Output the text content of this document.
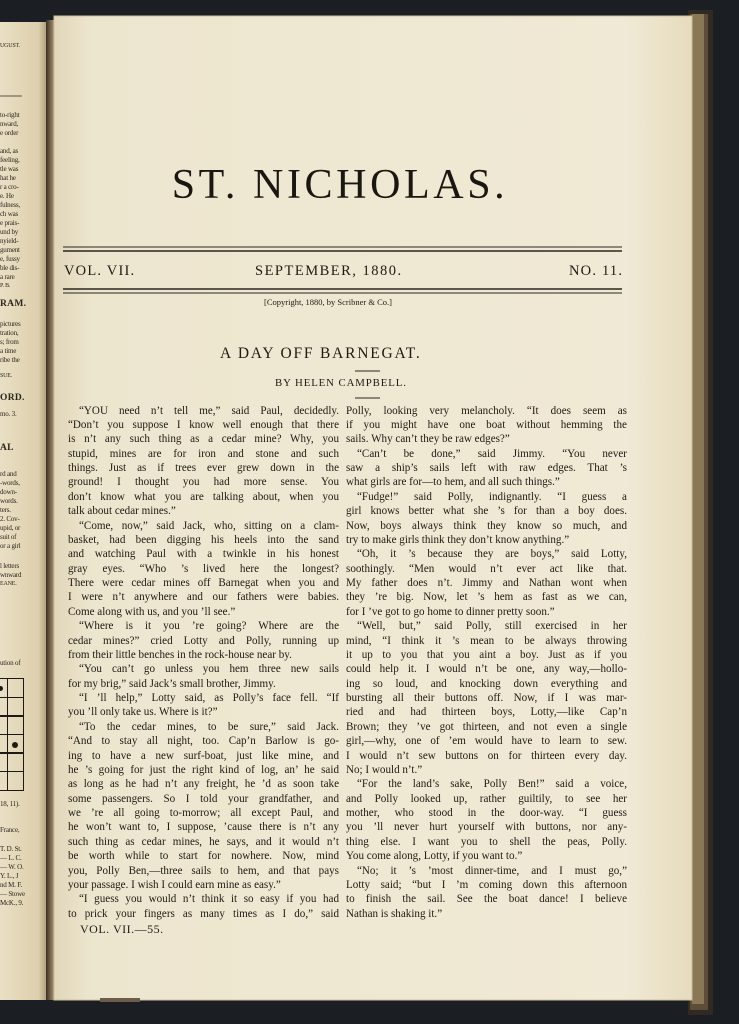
UGUST.
to-right
nward,
e order
and, as
feeling,
tle was
hat he
r a cro-
e. He
fulness,
ch was
e prais-
und by
nyield-
gument
e, fussy
ble dis-
a rare
P. B.
RAM.
pictures
tration,
s; from
a time
ribe the
SUE.
ORD.
mo. 3.
AL
rd and
-words,
down-
words.
ters.
2. Cov-
upid, or
suit of
or a girl
l letters
wnward
EANE.
ution of
18, 11).
France,
T. D. St.
— L. C.
— W. O.
Y. L., J
nd M. F.
— Stowe
McK., 9.
ST. NICHOLAS.
VOL. VII.	SEPTEMBER, 1880.	NO. 11.
[Copyright, 1880, by Scribner & Co.]
A DAY OFF BARNEGAT.
BY HELEN CAMPBELL.
“YOU need n’t tell me,” said Paul, decidedly.
“Don’t you suppose I know well enough that there
is n’t any such thing as a cedar mine? Why, you
stupid, mines are for iron and stone and such
things. Just as if trees ever grew down in the
ground! I thought you had more sense. You
don’t know what you are talking about, when you
talk about cedar mines.”
“Come, now,” said Jack, who, sitting on a clam-
basket, had been digging his heels into the sand
and watching Paul with a twinkle in his honest
gray eyes. “Who ’s lived here the longest?
There were cedar mines off Barnegat when you and
I were n’t anywhere and our fathers were babies.
Come along with us, and you ’ll see.”
“Where is it you ’re going? Where are the
cedar mines?” cried Lotty and Polly, running up
from their little benches in the rock-house near by.
“You can’t go unless you hem three new sails
for my brig,” said Jack’s small brother, Jimmy.
“I ’ll help,” Lotty said, as Polly’s face fell. “If
you ’ll only take us. Where is it?”
“To the cedar mines, to be sure,” said Jack.
“And to stay all night, too. Cap’n Barlow is go-
ing to have a new surf-boat, just like mine, and
he ’s going for just the right kind of log, an’ he said
as long as he had n’t any freight, he ’d as soon take
some passengers. So I told your grandfather, and
we ’re all going to-morrow; all except Paul, and
he won’t want to, I suppose, ’cause there is n’t any
such thing as cedar mines, he says, and it would n’t
be worth while to start for nowhere. Now, mind
you, Polly Ben,—three sails to hem, and that pays
your passage. I wish I could earn mine as easy.”
“I guess you would n’t think it so easy if you had
to prick your fingers as many times as I do,” said
Polly, looking very melancholy. “It does seem as
if you might have one boat without hemming the
sails. Why can’t they be raw edges?”
“Can’t be done,” said Jimmy. “You never
saw a ship’s sails left with raw edges. That ’s
what girls are for—to hem, and all such things.”
“Fudge!” said Polly, indignantly. “I guess a
girl knows better what she ’s for than a boy does.
Now, boys always think they know so much, and
try to make girls think they don’t know anything.”
“Oh, it ’s because they are boys,” said Lotty,
soothingly. “Men would n’t ever act like that.
My father does n’t. Jimmy and Nathan wont when
they ’re big. Now, let ’s hem as fast as we can,
for I ’ve got to go home to dinner pretty soon.”
“Well, but,” said Polly, still exercised in her
mind, “I think it ’s mean to be always throwing
it up to you that you aint a boy. Just as if you
could help it. I would n’t be one, any way,—hollo-
ing so loud, and knocking down everything and
bursting all their buttons off. Now, if I was mar-
ried and had thirteen boys, Lotty,—like Cap’n
Brown; they ’ve got thirteen, and not even a single
girl,—why, one of ’em would have to learn to sew.
I would n’t sew buttons on for thirteen every day.
No; I would n’t.”
“For the land’s sake, Polly Ben!” said a voice,
and Polly looked up, rather guiltily, to see her
mother, who stood in the door-way. “I guess
you ’ll never hurt yourself with buttons, nor any-
thing else. I want you to shell the peas, Polly.
You come along, Lotty, if you want to.”
“No; it ’s ’most dinner-time, and I must go,”
Lotty said; “but I ’m coming down this afternoon
to finish the sail. See the boat dance! I believe
Nathan is shaking it.”
VOL. VII.—55.
